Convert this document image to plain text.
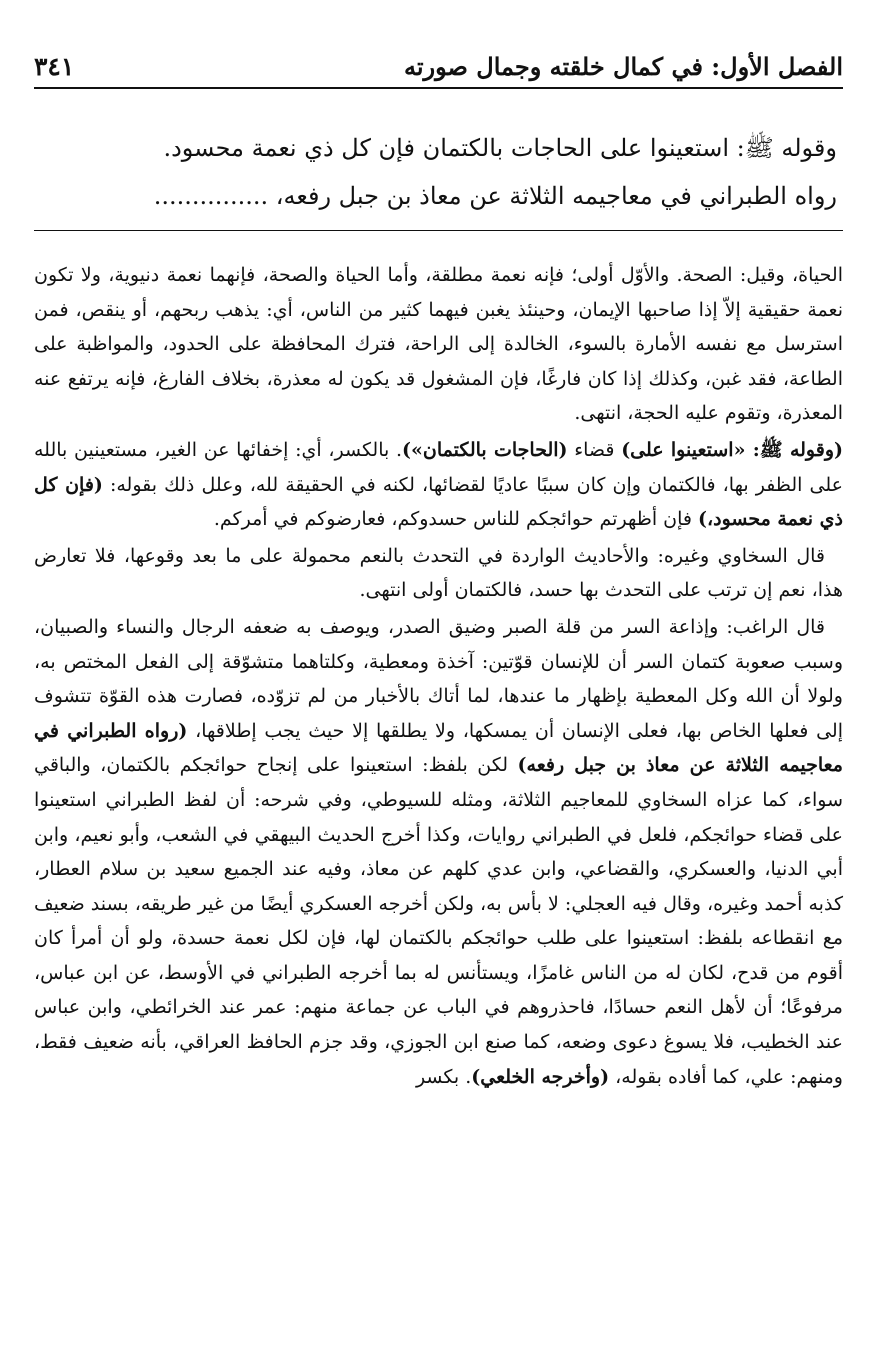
الفصل الأول: في كمال خلقته وجمال صورته
٣٤١

وقوله ﷺ: استعينوا على الحاجات بالكتمان فإن كل ذي نعمة محسود.

رواه الطبراني في معاجيمه الثلاثة عن معاذ بن جبل رفعه، ...............

الحياة، وقيل: الصحة. والأوّل أولى؛ فإنه نعمة مطلقة، وأما الحياة والصحة، فإنهما نعمة دنيوية، ولا تكون نعمة حقيقية إلاّ إذا صاحبها الإيمان، وحينئذ يغبن فيهما كثير من الناس، أي: يذهب ربحهم، أو ينقص، فمن استرسل مع نفسه الأمارة بالسوء، الخالدة إلى الراحة، فترك المحافظة على الحدود، والمواظبة على الطاعة، فقد غبن، وكذلك إذا كان فارغًا، فإن المشغول قد يكون له معذرة، بخلاف الفارغ، فإنه يرتفع عنه المعذرة، وتقوم عليه الحجة، انتهى.

(وقوله ﷺ: «استعينوا على) قضاء (الحاجات بالكتمان»). بالكسر، أي: إخفائها عن الغير، مستعينين بالله على الظفر بها، فالكتمان وإن كان سببًا عاديًا لقضائها، لكنه في الحقيقة لله، وعلل ذلك بقوله: (فإن كل ذي نعمة محسود،) فإن أظهرتم حوائجكم للناس حسدوكم، فعارضوكم في أمركم.

قال السخاوي وغيره: والأحاديث الواردة في التحدث بالنعم محمولة على ما بعد وقوعها، فلا تعارض هذا، نعم إن ترتب على التحدث بها حسد، فالكتمان أولى انتهى.

قال الراغب: وإذاعة السر من قلة الصبر وضيق الصدر، ويوصف به ضعفه الرجال والنساء والصبيان، وسبب صعوبة كتمان السر أن للإنسان قوّتين: آخذة ومعطية، وكلتاهما متشوّقة إلى الفعل المختص به، ولولا أن الله وكل المعطية بإظهار ما عندها، لما أتاك بالأخبار من لم تزوّده، فصارت هذه القوّة تتشوف إلى فعلها الخاص بها، فعلى الإنسان أن يمسكها، ولا يطلقها إلا حيث يجب إطلاقها، (رواه الطبراني في معاجيمه الثلاثة عن معاذ بن جبل رفعه) لكن بلفظ: استعينوا على إنجاح حوائجكم بالكتمان، والباقي سواء، كما عزاه السخاوي للمعاجيم الثلاثة، ومثله للسيوطي، وفي شرحه: أن لفظ الطبراني استعينوا على قضاء حوائجكم، فلعل في الطبراني روايات، وكذا أخرج الحديث البيهقي في الشعب، وأبو نعيم، وابن أبي الدنيا، والعسكري، والقضاعي، وابن عدي كلهم عن معاذ، وفيه عند الجميع سعيد بن سلام العطار، كذبه أحمد وغيره، وقال فيه العجلي: لا بأس به، ولكن أخرجه العسكري أيضًا من غير طريقه، بسند ضعيف مع انقطاعه بلفظ: استعينوا على طلب حوائجكم بالكتمان لها، فإن لكل نعمة حسدة، ولو أن أمرأ كان أقوم من قدح، لكان له من الناس غامزًا، ويستأنس له بما أخرجه الطبراني في الأوسط، عن ابن عباس، مرفوعًا؛ أن لأهل النعم حسادًا، فاحذروهم في الباب عن جماعة منهم: عمر عند الخرائطي، وابن عباس عند الخطيب، فلا يسوغ دعوى وضعه، كما صنع ابن الجوزي، وقد جزم الحافظ العراقي، بأنه ضعيف فقط، ومنهم: علي، كما أفاده بقوله، (وأخرجه الخلعي). بكسر
